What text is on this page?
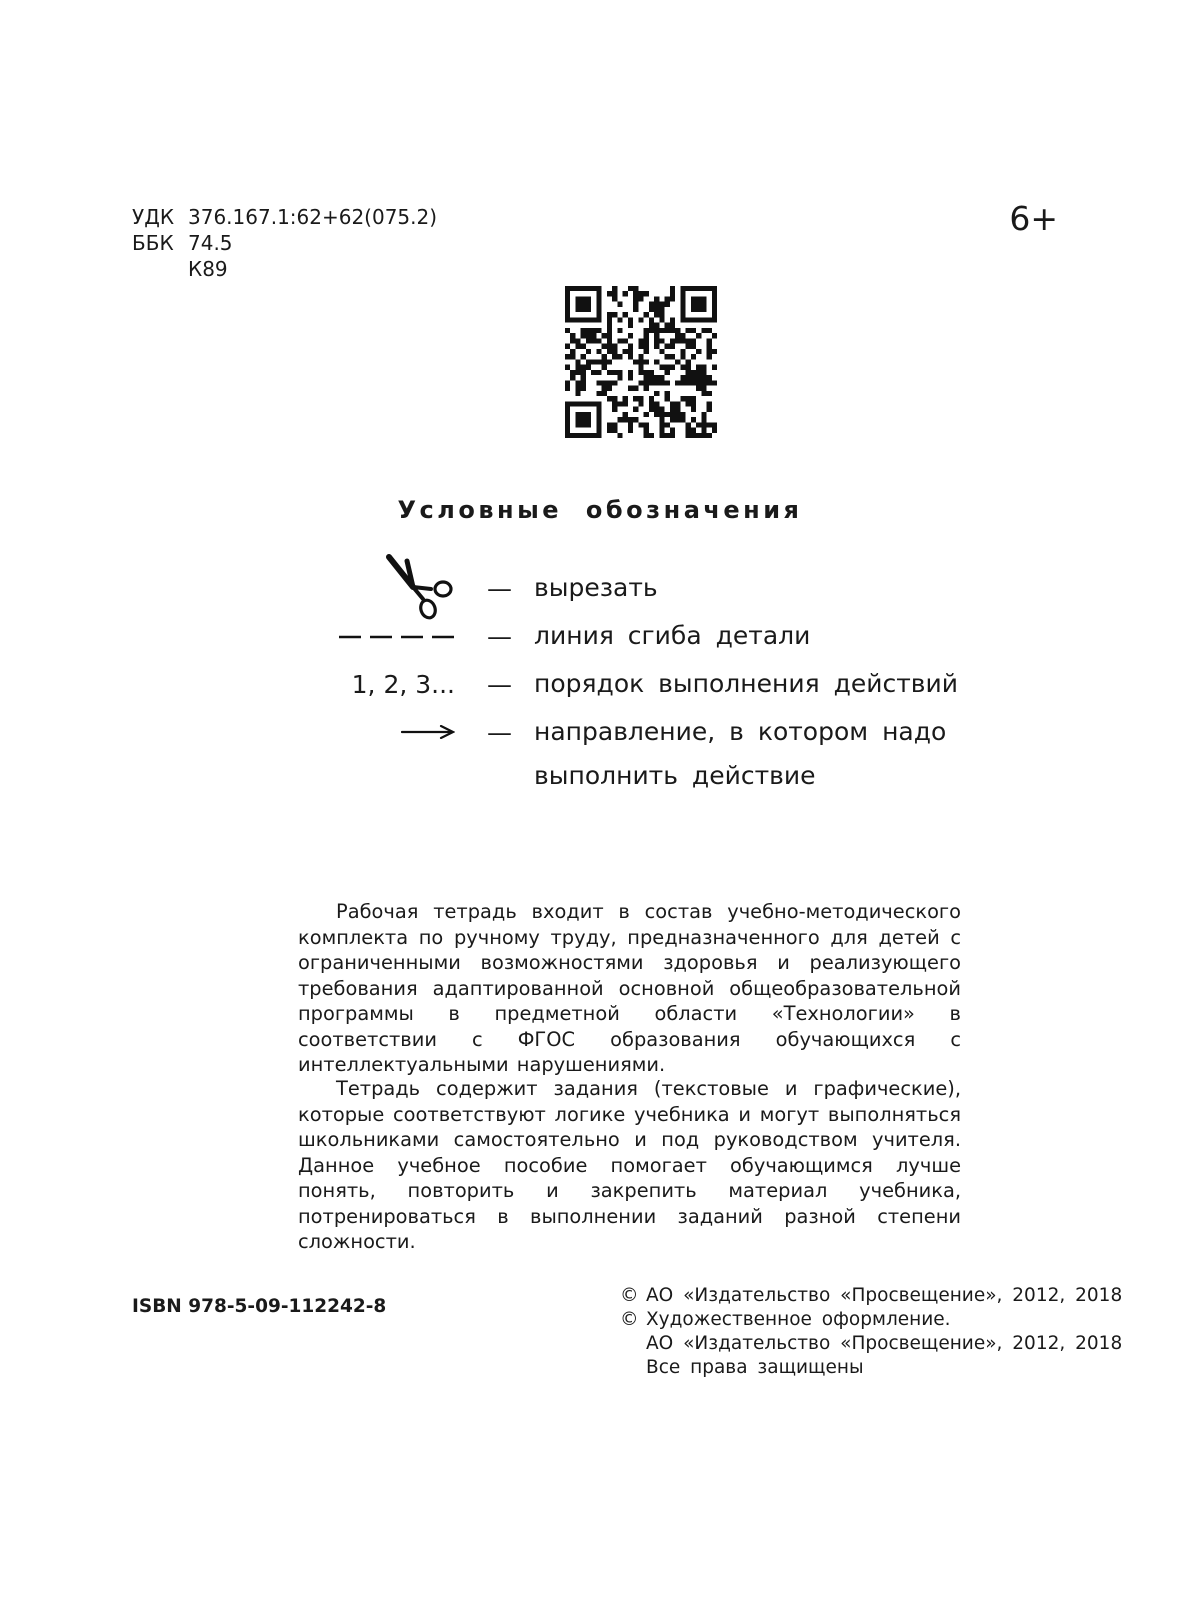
УДК 376.167.1:62+62(075.2)
ББК 74.5
К89
6+
Условные обозначения
— вырезать
— линия сгиба детали
1, 2, 3... — порядок выполнения действий
— направление, в котором надо выполнить действие

Рабочая тетрадь входит в состав учебно-методического комплекта по ручному труду, предназначенного для детей с ограниченными возможностями здоровья и реализующего требования адаптированной основной общеобразовательной программы в предметной области «Технологии» в соответствии с ФГОС образования обучающихся с интеллектуальными нарушениями.

Тетрадь содержит задания (текстовые и графические), которые соответствуют логике учебника и могут выполняться школьниками самостоятельно и под руководством учителя. Данное учебное пособие помогает обучающимся лучше понять, повторить и закрепить материал учебника, потренироваться в выполнении заданий разной степени сложности.

ISBN 978-5-09-112242-8
© АО «Издательство «Просвещение», 2012, 2018
© Художественное оформление.
АО «Издательство «Просвещение», 2012, 2018
Все права защищены
